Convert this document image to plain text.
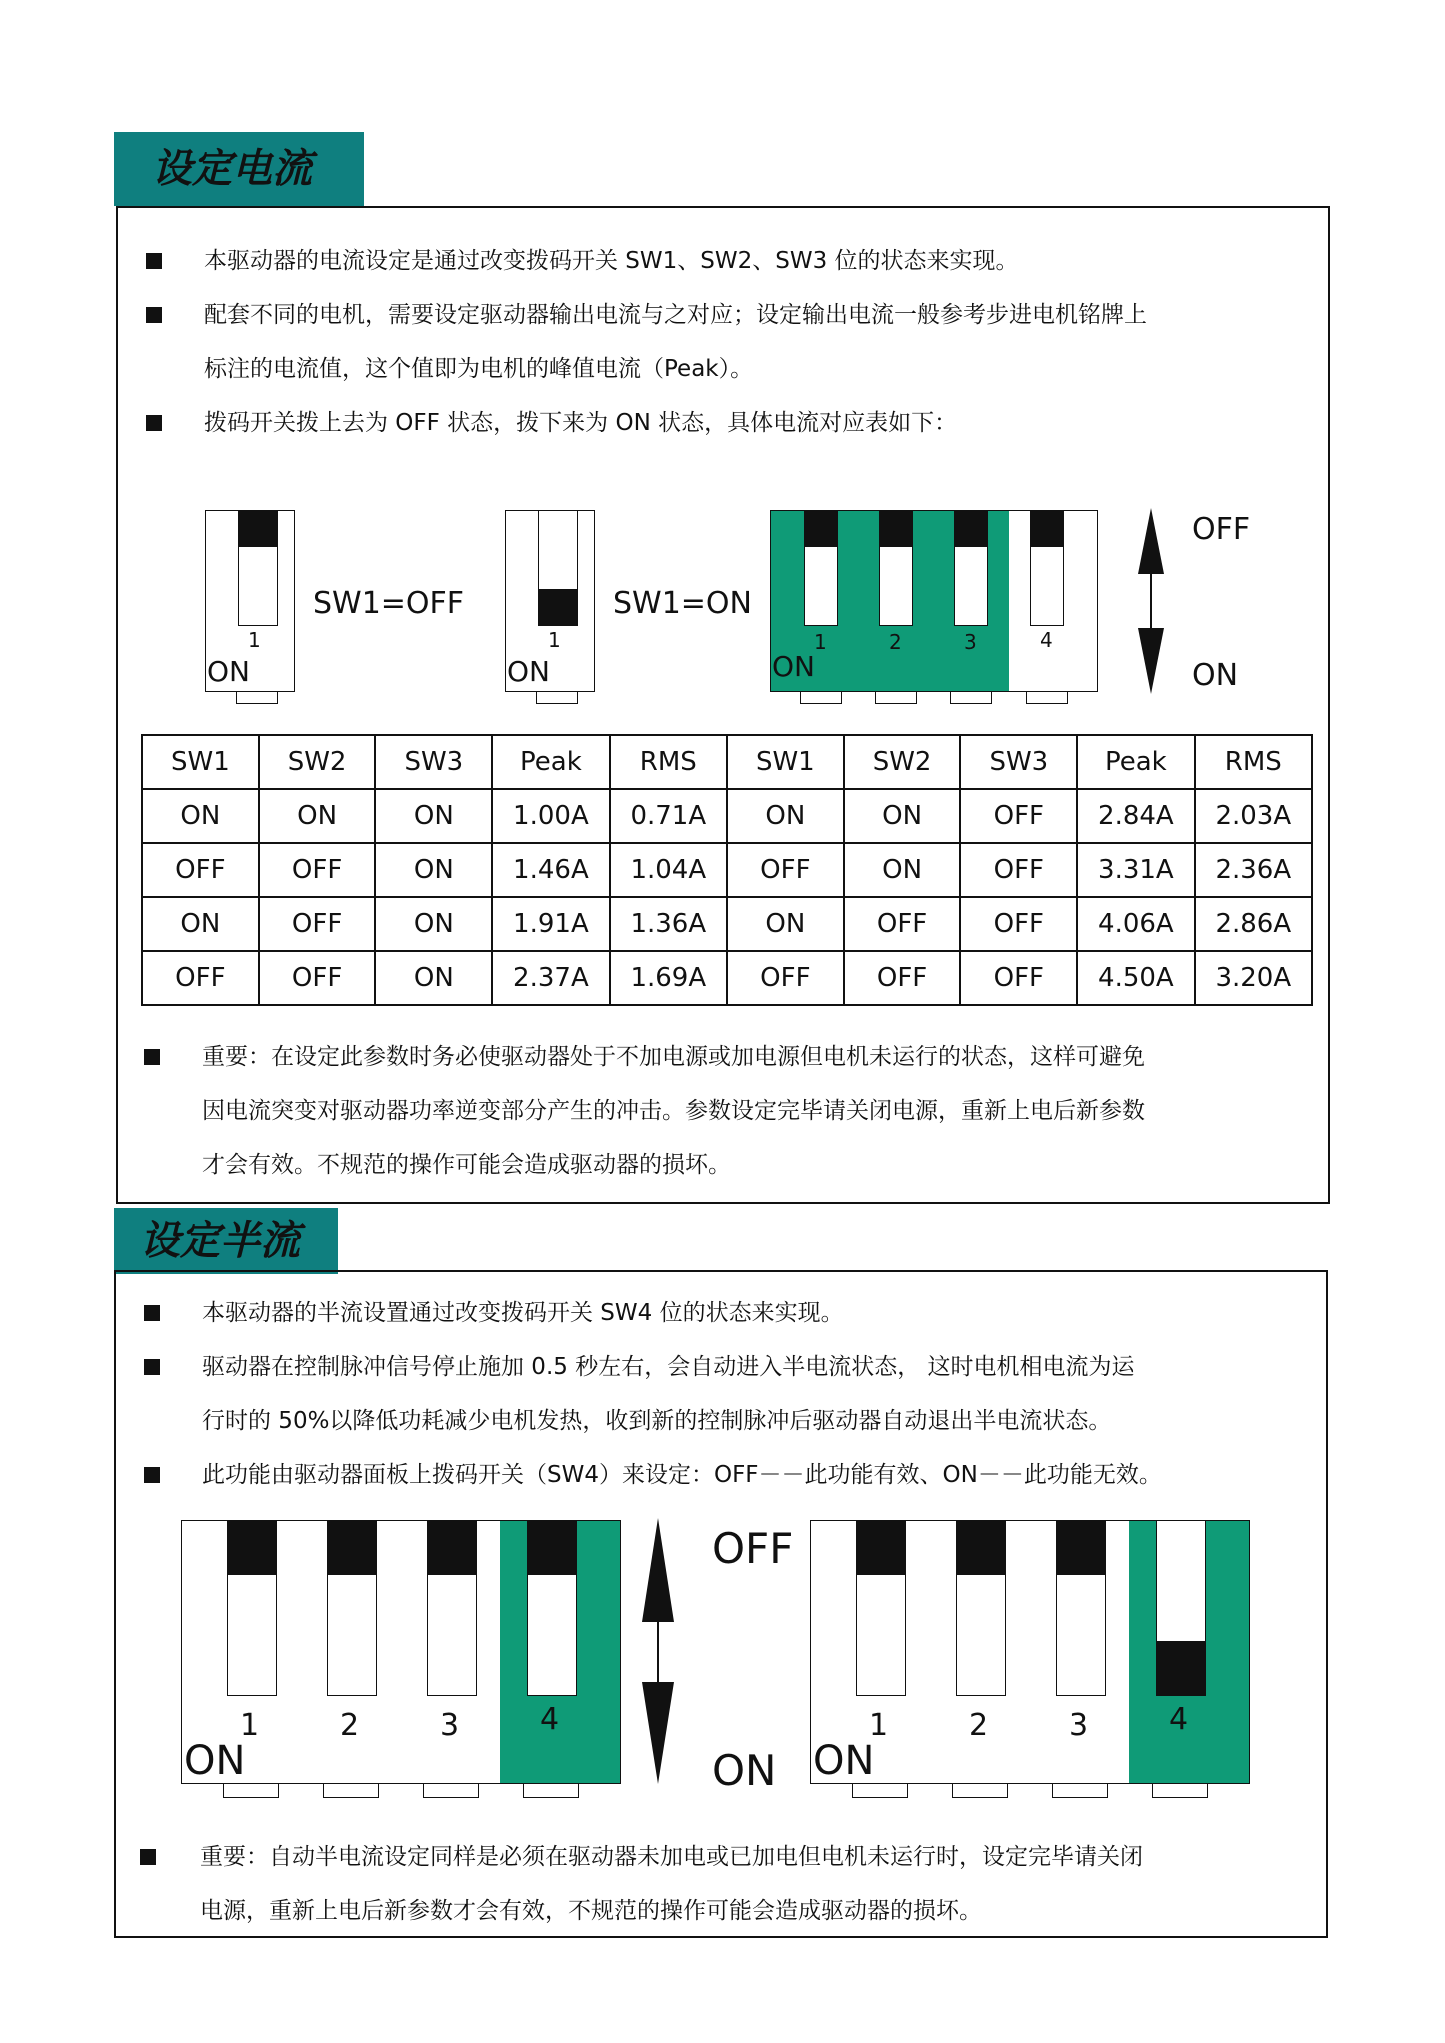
设定电流
本驱动器的电流设定是通过改变拨码开关 SW1、SW2、SW3 位的状态来实现。
配套不同的电机，需要设定驱动器输出电流与之对应；设定输出电流一般参考步进电机铭牌上
标注的电流值，这个值即为电机的峰值电流（Peak）。
拨码开关拨上去为 OFF 状态，拨下来为 ON 状态，具体电流对应表如下：
1
ON
SW1=OFF
1
ON
SW1=ON
1	2	3	4
ON
OFF
ON
SW1	SW2	SW3	Peak	RMS	SW1	SW2	SW3	Peak	RMS
ON	ON	ON	1.00A	0.71A	ON	ON	OFF	2.84A	2.03A
OFF	OFF	ON	1.46A	1.04A	OFF	ON	OFF	3.31A	2.36A
ON	OFF	ON	1.91A	1.36A	ON	OFF	OFF	4.06A	2.86A
OFF	OFF	ON	2.37A	1.69A	OFF	OFF	OFF	4.50A	3.20A
重要：在设定此参数时务必使驱动器处于不加电源或加电源但电机未运行的状态，这样可避免
因电流突变对驱动器功率逆变部分产生的冲击。参数设定完毕请关闭电源，重新上电后新参数
才会有效。不规范的操作可能会造成驱动器的损坏。
设定半流
本驱动器的半流设置通过改变拨码开关 SW4 位的状态来实现。
驱动器在控制脉冲信号停止施加 0.5 秒左右，会自动进入半电流状态， 这时电机相电流为运
行时的 50%以降低功耗减少电机发热，收到新的控制脉冲后驱动器自动退出半电流状态。
此功能由驱动器面板上拨码开关（SW4）来设定：OFF－－此功能有效、ON－－此功能无效。
1	2	3	4
ON
OFF
ON
1	2	3	4
ON
重要：自动半电流设定同样是必须在驱动器未加电或已加电但电机未运行时，设定完毕请关闭
电源，重新上电后新参数才会有效，不规范的操作可能会造成驱动器的损坏。
